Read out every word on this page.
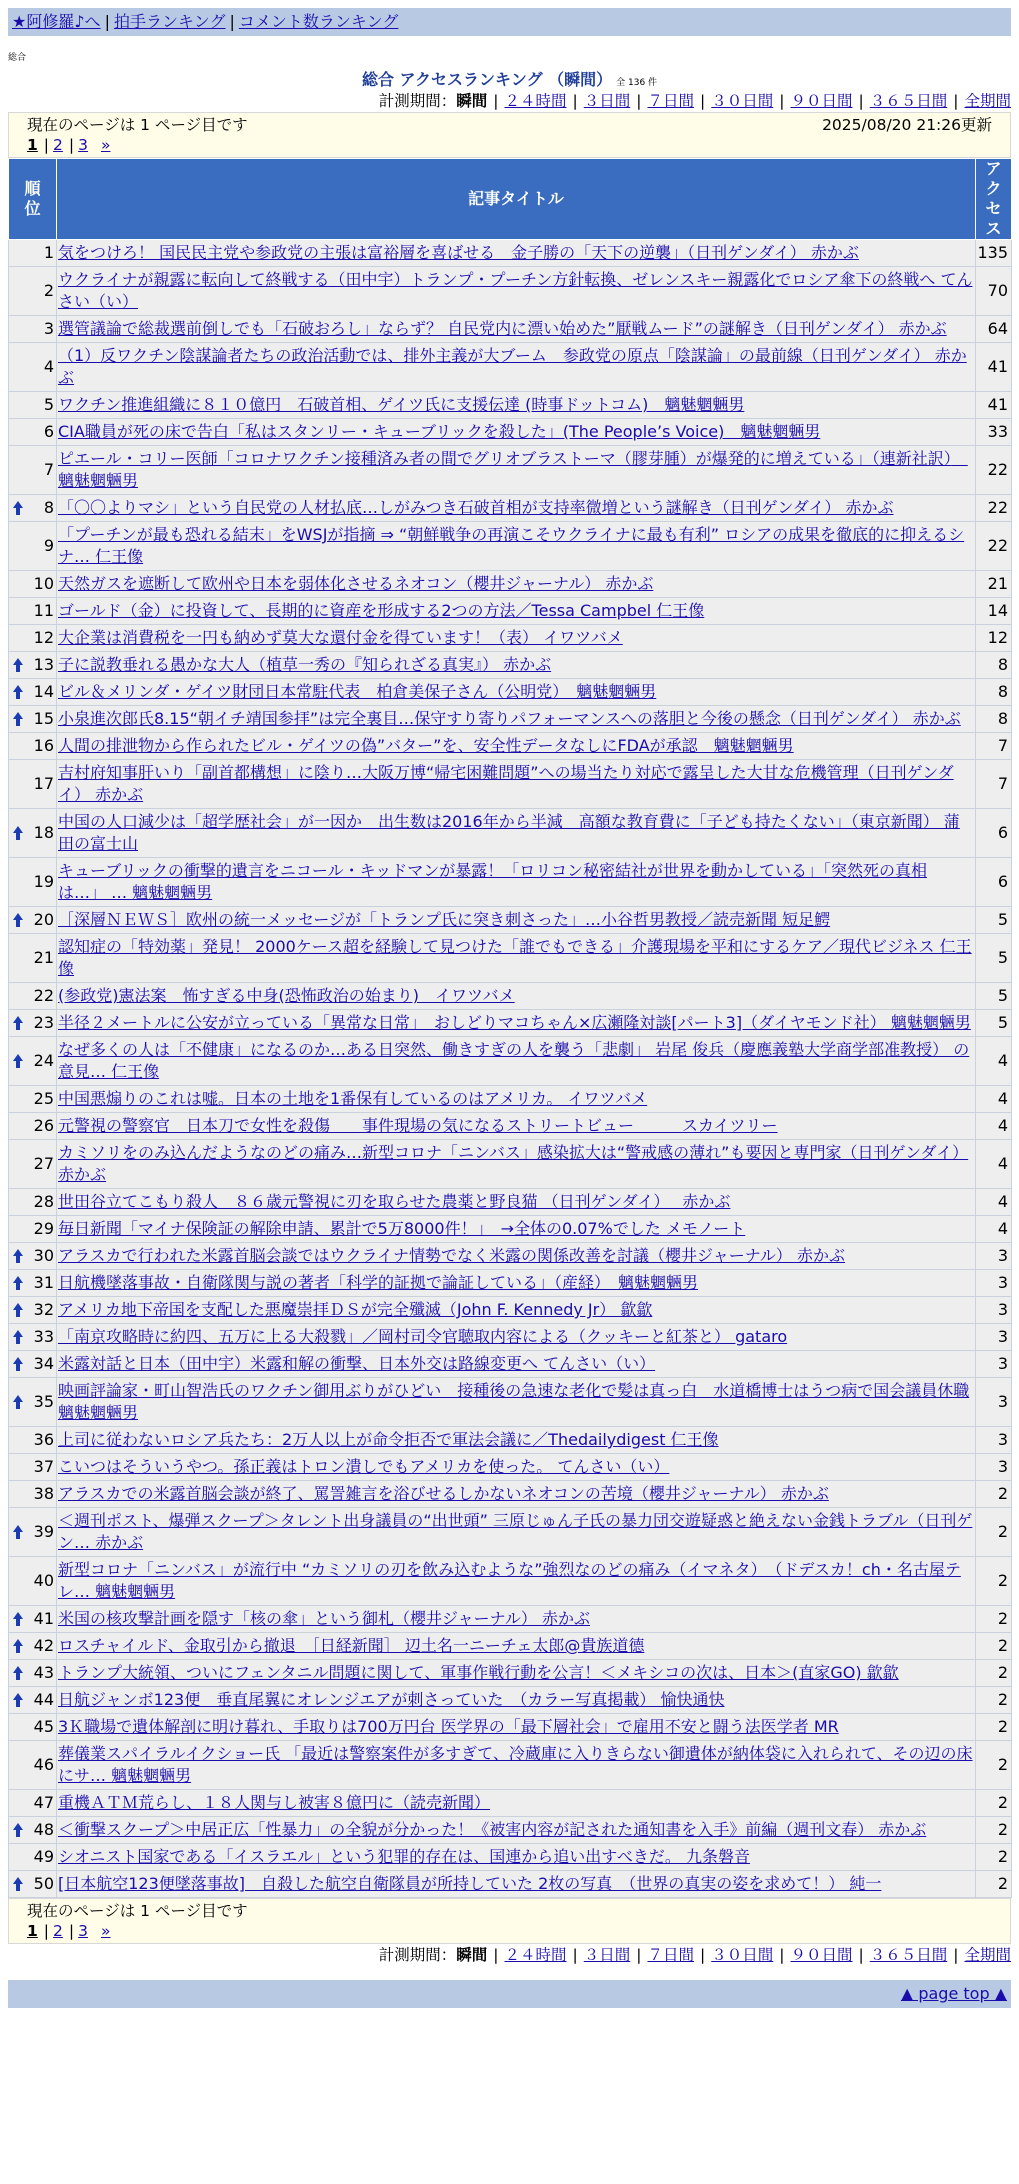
★阿修羅♪へ | 拍手ランキング | コメント数ランキング
総合
総合 アクセスランキング （瞬間） 全 136 件
計測期間：瞬間 | ２４時間 | ３日間 | ７日間 | ３０日間 | ９０日間 | ３６５日間 | 全期間
現在のページは 1 ページ目です	2025/08/20 21:26更新
1 | 2 | 3 »
順位	記事タイトル	アクセス
1	気をつけろ！ 国民民主党や参政党の主張は富裕層を喜ばせる　金子勝の「天下の逆襲」（日刊ゲンダイ） 赤かぶ	135
2	ウクライナが親露に転向して終戦する（田中宇）トランプ・プーチン方針転換、ゼレンスキー親露化でロシア傘下の終戦へ てんさい（い）	70
3	選管議論で総裁選前倒しでも「石破おろし」ならず？ 自民党内に漂い始めた”厭戦ムード”の謎解き（日刊ゲンダイ） 赤かぶ	64
4	（1）反ワクチン陰謀論者たちの政治活動では、排外主義が大ブーム　参政党の原点「陰謀論」の最前線（日刊ゲンダイ） 赤かぶ	41
5	ワクチン推進組織に８１０億円　石破首相、ゲイツ氏に支援伝達 (時事ドットコム)　魑魅魍魎男	41
6	CIA職員が死の床で告白「私はスタンリー・キューブリックを殺した」(The People’s Voice)　魑魅魍魎男	33
7	ピエール・コリー医師「コロナワクチン接種済み者の間でグリオブラストーマ（膠芽腫）が爆発的に増えている」（連新社訳）　魑魅魍魎男	22

8	「〇〇よりマシ」という自民党の人材払底…しがみつき石破首相が支持率微増という謎解き（日刊ゲンダイ） 赤かぶ	22
9	「プーチンが最も恐れる結末」をWSJが指摘 ⇒ “朝鮮戦争の再演こそウクライナに最も有利” ロシアの成果を徹底的に抑えるシナ… 仁王像	22
10	天然ガスを遮断して欧州や日本を弱体化させるネオコン（櫻井ジャーナル） 赤かぶ	21
11	ゴールド（金）に投資して、長期的に資産を形成する2つの方法／Tessa Campbel 仁王像	14
12	大企業は消費税を一円も納めず莫大な還付金を得ています！（表） イワツバメ	12

13	子に説教垂れる愚かな大人（植草一秀の『知られざる真実』） 赤かぶ	8

14	ビル＆メリンダ・ゲイツ財団日本常駐代表　柏倉美保子さん（公明党）　魑魅魍魎男	8

15	小泉進次郎氏8.15“朝イチ靖国参拝”は完全裏目…保守すり寄りパフォーマンスへの落胆と今後の懸念（日刊ゲンダイ） 赤かぶ	8
16	人間の排泄物から作られたビル・ゲイツの偽”バター”を、安全性データなしにFDAが承認　魑魅魍魎男	7
17	吉村府知事肝いり「副首都構想」に陰り…大阪万博“帰宅困難問題”への場当たり対応で露呈した大甘な危機管理（日刊ゲンダイ） 赤かぶ	7

18	中国の人口減少は「超学歴社会」が一因か　出生数は2016年から半減　高額な教育費に「子ども持たくない」（東京新聞） 蒲田の富士山	6
19	キューブリックの衝撃的遺言をニコール・キッドマンが暴露！「ロリコン秘密結社が世界を動かしている」「突然死の真相は…」 … 魑魅魍魎男	6

20	［深層ＮＥＷＳ］欧州の統一メッセージが「トランプ氏に突き刺さった」…小谷哲男教授／読売新聞 短足鰐	5
21	認知症の「特効薬」発見！ 2000ケース超を経験して見つけた「誰でもできる」介護現場を平和にするケア／現代ビジネス 仁王像	5
22	(参政党)憲法案　怖すぎる中身(恐怖政治の始まり)　イワツバメ	5

23	半径２メートルに公安が立っている「異常な日常」　おしどりマコちゃん×広瀬隆対談[パート3]（ダイヤモンド社） 魑魅魍魎男	5

24	なぜ多くの人は「不健康」になるのか…ある日突然、働きすぎの人を襲う「悲劇」 岩尾 俊兵（慶應義塾大学商学部准教授） の意見… 仁王像	4
25	中国悪煽りのこれは嘘。日本の土地を1番保有しているのはアメリカ。 イワツバメ	4
26	元警視の警察官　日本刀で女性を殺傷　　事件現場の気になるストリートビュー　　　スカイツリー	4
27	カミソリをのみ込んだようなのどの痛み…新型コロナ「ニンバス」感染拡大は“警戒感の薄れ”も要因と専門家（日刊ゲンダイ） 赤かぶ	4
28	世田谷立てこもり殺人　８６歳元警視に刃を取らせた農薬と野良猫 （日刊ゲンダイ）　 赤かぶ	4
29	毎日新聞「マイナ保険証の解除申請、累計で5万8000件！」　→全体の0.07%でした メモノート	4

30	アラスカで行われた米露首脳会談ではウクライナ情勢でなく米露の関係改善を討議（櫻井ジャーナル） 赤かぶ	3

31	日航機墜落事故・自衛隊関与説の著者「科学的証拠で論証している」（産経）　魑魅魍魎男	3

32	アメリカ地下帝国を支配した悪魔崇拝ＤＳが完全殲滅（John F. Kennedy Jr） 歙歙	3

33	「南京攻略時に約四、五万に上る大殺戮」／岡村司令官聴取内容による（クッキーと紅茶と） gataro	3

34	米露対話と日本（田中宇）米露和解の衝撃、日本外交は路線変更へ てんさい（い）	3

35	映画評論家・町山智浩氏のワクチン御用ぶりがひどい　接種後の急速な老化で髪は真っ白　水道橋博士はうつ病で国会議員休職 魑魅魍魎男	3
36	上司に従わないロシア兵たち：2万人以上が命令拒否で軍法会議に／Thedailydigest 仁王像	3
37	こいつはそういうやつ。孫正義はトロン潰しでもアメリカを使った。 てんさい（い）	3
38	アラスカでの米露首脳会談が終了、罵詈雑言を浴びせるしかないネオコンの苦境（櫻井ジャーナル） 赤かぶ	2

39	＜週刊ポスト、爆弾スクープ＞タレント出身議員の“出世頭” 三原じゅん子氏の暴力団交遊疑惑と絶えない金銭トラブル（日刊ゲン… 赤かぶ	2
40	新型コロナ「ニンバス」が流行中 “カミソリの刃を飲み込むような”強烈なのどの痛み（イマネタ）　（ドデスカ！ch・名古屋テレ… 魑魅魍魎男	2

41	米国の核攻撃計画を隠す「核の傘」という御札（櫻井ジャーナル） 赤かぶ	2

42	ロスチャイルド、金取引から撤退　［日経新聞］ 辺土名一ニーチェ太郎@貴族道德	2

43	トランプ大統領、ついにフェンタニル問題に関して、軍事作戦行動を公言！＜メキシコの次は、日本＞(直家GO) 歙歙	2

44	日航ジャンボ123便　垂直尾翼にオレンジエアが刺さっていた　（カラー写真掲載） 愉快通快	2
45	3Ｋ職場で遺体解剖に明け暮れ、手取りは700万円台 医学界の「最下層社会」で雇用不安と闘う法医学者 MR	2
46	葬儀業スパイラルイクショー氏 「最近は警察案件が多すぎて、冷蔵庫に入りきらない御遺体が納体袋に入れられて、その辺の床にサ… 魑魅魍魎男	2
47	重機ＡＴＭ荒らし、１８人関与し被害８億円に（読売新聞）	2

48	＜衝撃スクープ＞中居正広「性暴力」の全貌が分かった！《被害内容が記された通知書を入手》前編（週刊文春） 赤かぶ	2
49	シオニスト国家である「イスラエル」という犯罪的存在は、国連から追い出すべきだ。 九条磐音	2

50	[日本航空123便墜落事故]　自殺した航空自衛隊員が所持していた 2枚の写真　（世界の真実の姿を求めて！） 純一	2
現在のページは 1 ページ目です
1 | 2 | 3 »
計測期間：瞬間 | ２４時間 | ３日間 | ７日間 | ３０日間 | ９０日間 | ３６５日間 | 全期間
▲ page top ▲
